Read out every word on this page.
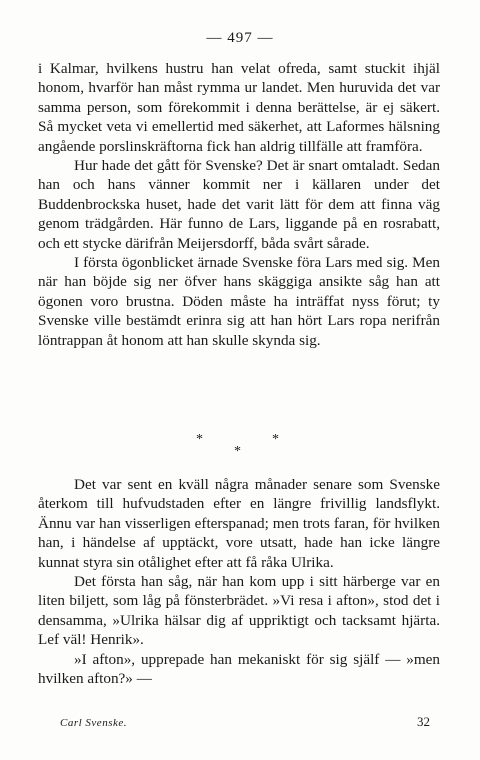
— 497 —

i Kalmar, hvilkens hustru han velat ofreda, samt stuckit ihjäl honom, hvarför han måst rymma ur landet. Men huruvida det var samma person, som förekommit i denna berättelse, är ej säkert. Så mycket veta vi emellertid med säkerhet, att Laformes hälsning angående porslinskräftorna fick han aldrig tillfälle att framföra.

Hur hade det gått för Svenske? Det är snart omtaladt. Sedan han och hans vänner kommit ner i källaren under det Buddenbrockska huset, hade det varit lätt för dem att finna väg genom trädgården. Här funno de Lars, liggande på en rosrabatt, och ett stycke därifrån Meijersdorff, båda svårt sårade.

I första ögonblicket ärnade Svenske föra Lars med sig. Men när han böjde sig ner öfver hans skäggiga ansikte såg han att ögonen voro brustna. Döden måste ha inträffat nyss förut; ty Svenske ville bestämdt erinra sig att han hört Lars ropa nerifrån löntrappan åt honom att han skulle skynda sig.

*
*
*

Det var sent en kväll några månader senare som Svenske återkom till hufvudstaden efter en längre frivillig landsflykt. Ännu var han visserligen efterspanad; men trots faran, för hvilken han, i händelse af upptäckt, vore utsatt, hade han icke längre kunnat styra sin otålighet efter att få råka Ulrika.

Det första han såg, när han kom upp i sitt härberge var en liten biljett, som låg på fönsterbrädet. »Vi resa i afton», stod det i densamma, »Ulrika hälsar dig af uppriktigt och tacksamt hjärta. Lef väl! Henrik».

»I afton», upprepade han mekaniskt för sig själf — »men hvilken afton?» —

Carl Svenske.	32
